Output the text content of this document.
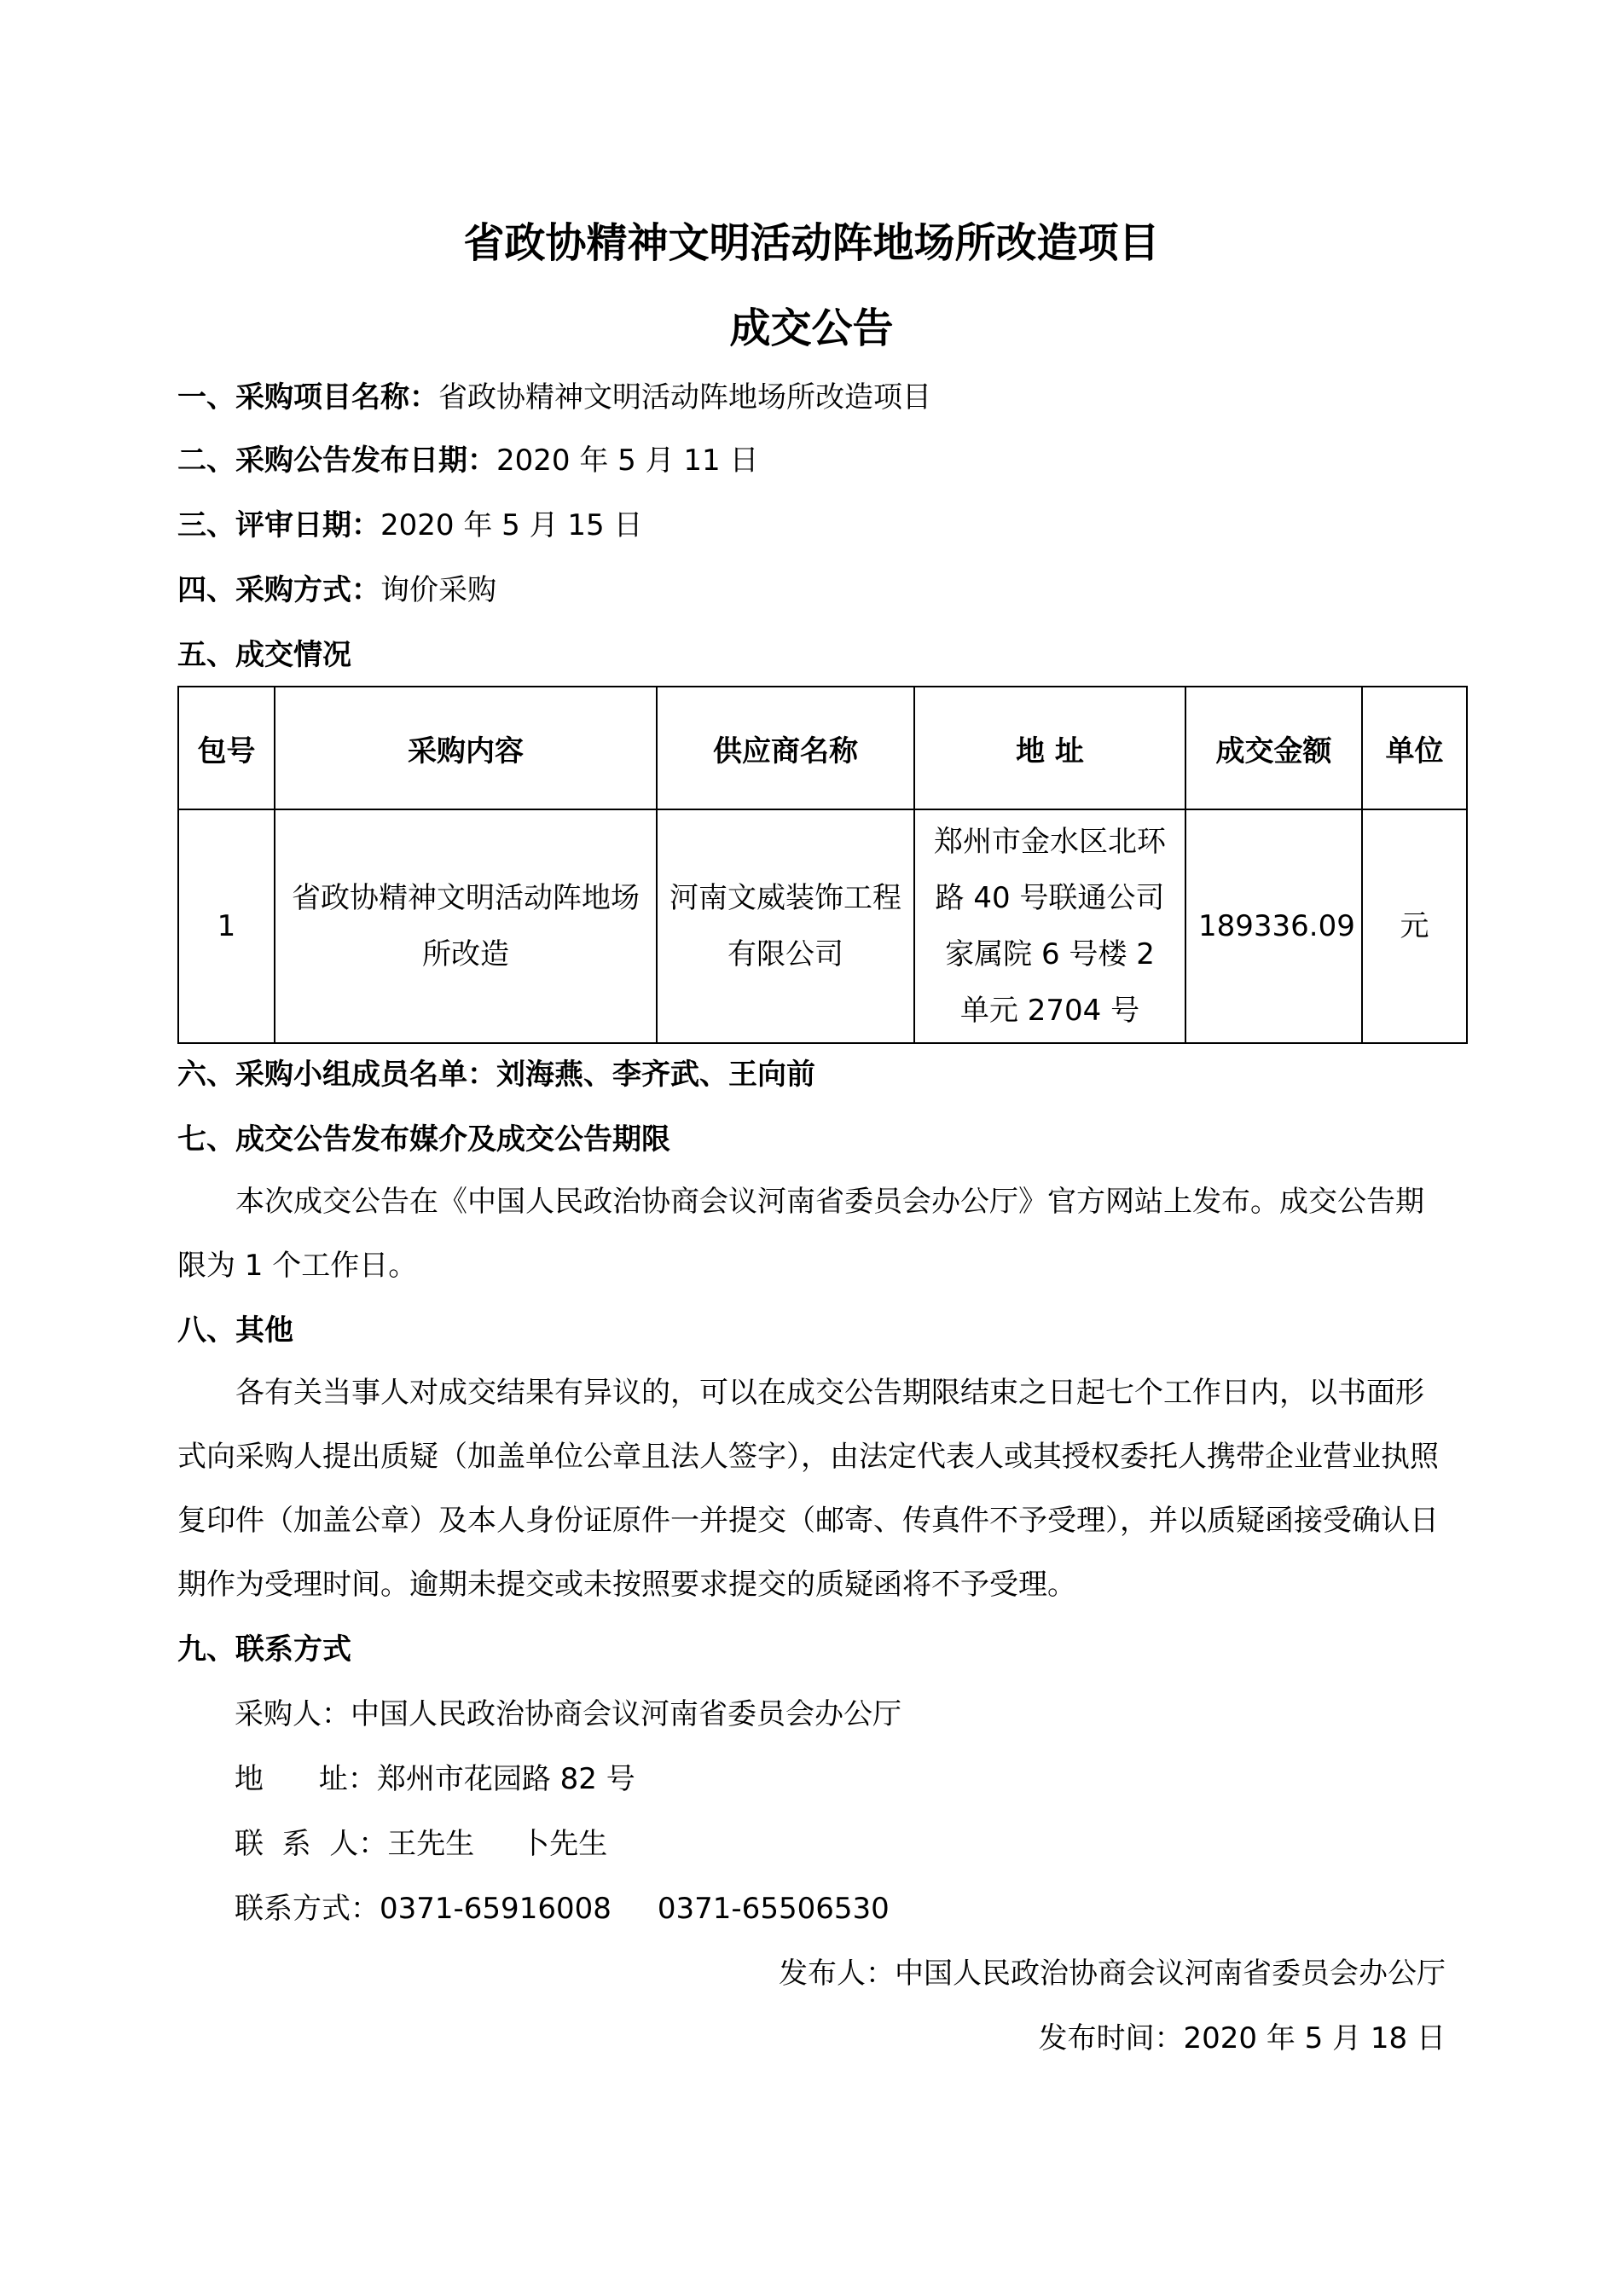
省政协精神文明活动阵地场所改造项目
成交公告
一、采购项目名称：省政协精神文明活动阵地场所改造项目
二、采购公告发布日期：2020 年 5 月 11 日
三、评审日期：2020 年 5 月 15 日
四、采购方式：询价采购
五、成交情况
包号	采购内容	供应商名称	地 址	成交金额	单位
1	省政协精神文明活动阵地场所改造	河南文威装饰工程有限公司	郑州市金水区北环路 40 号联通公司家属院 6 号楼 2 单元 2704 号	189336.09	元
六、采购小组成员名单：刘海燕、李齐武、王向前
七、成交公告发布媒介及成交公告期限
本次成交公告在《中国人民政治协商会议河南省委员会办公厅》官方网站上发布。成交公告期限为 1 个工作日。
八、其他
各有关当事人对成交结果有异议的，可以在成交公告期限结束之日起七个工作日内，以书面形式向采购人提出质疑（加盖单位公章且法人签字），由法定代表人或其授权委托人携带企业营业执照复印件（加盖公章）及本人身份证原件一并提交（邮寄、传真件不予受理），并以质疑函接受确认日期作为受理时间。逾期未提交或未按照要求提交的质疑函将不予受理。
九、联系方式
采购人：中国人民政治协商会议河南省委员会办公厅
地      址：郑州市花园路 82 号
联  系  人：王先生     卜先生
联系方式：0371-65916008     0371-65506530
发布人：中国人民政治协商会议河南省委员会办公厅
发布时间：2020 年 5 月 18 日
